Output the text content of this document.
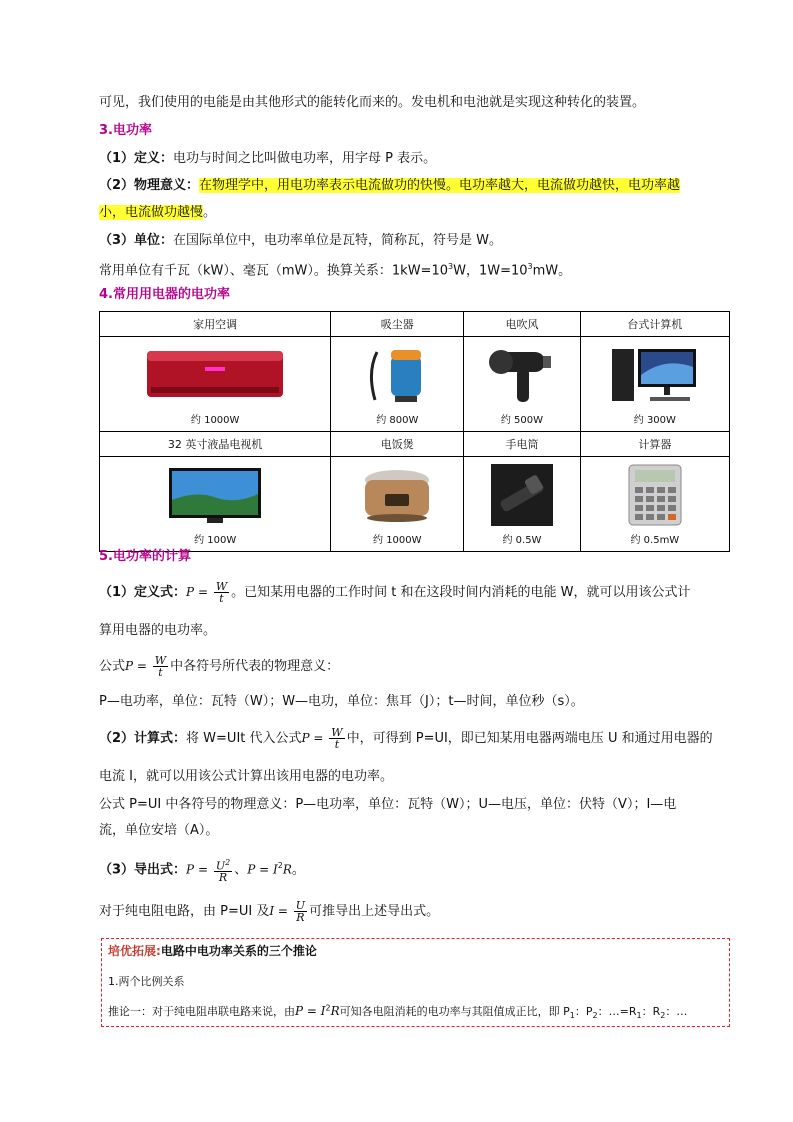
可见，我们使用的电能是由其他形式的能转化而来的。发电机和电池就是实现这种转化的装置。
3.电功率
（1）定义：电功与时间之比叫做电功率，用字母 P 表示。
（2）物理意义：在物理学中，用电功率表示电流做功的快慢。电功率越大，电流做功越快，电功率越
小，电流做功越慢。
（3）单位：在国际单位中，电功率单位是瓦特，简称瓦，符号是 W。
常用单位有千瓦（kW）、毫瓦（mW）。换算关系：$1kW=10^3W$，$1W=10^3mW$。
4.常用用电器的电功率
家用空调	吸尘器	电吹风	台式计算机

约 1000W	约 800W	约 500W	约 300W

32 英寸液晶电视机	电饭煲	手电筒	计算器

约 100W	约 1000W	约 0.5W	约 0.5mW
5.电功率的计算
（1）定义式：$P = \frac{W}{t}$ 。已知某用电器的工作时间 t 和在这段时间内消耗的电能 W，就可以用该公式计
算用电器的电功率。
公式$P = \frac{W}{t}$ 中各符号所代表的物理意义：
P—电功率，单位：瓦特（W）；W—电功，单位：焦耳（J）；t—时间，单位秒（s）。
（2）计算式：将 W=UIt 代入公式$P = \frac{W}{t}$ 中，可得到 P=UI，即已知某用电器两端电压 U 和通过用电器的
电流 I，就可以用该公式计算出该用电器的电功率。
公式 P=UI 中各符号的物理意义：P—电功率，单位：瓦特（W）；U—电压，单位：伏特（V）；I—电
流，单位安培（A）。
（3）导出式：$P = \frac{U^2}{R}$ 、$P = I^2R$。
对于纯电阻电路，由 P=UI 及$I = \frac{U}{R}$ 可推导出上述导出式。
培优拓展:电路中电功率关系的三个推论
1.两个比例关系
推论一：对于纯电阻串联电路来说，由$P = I^2R$可知各电阻消耗的电功率与其阻值成正比，即 $P_1$：$P_2$：$\dots=R_1$：$R_2$：…
